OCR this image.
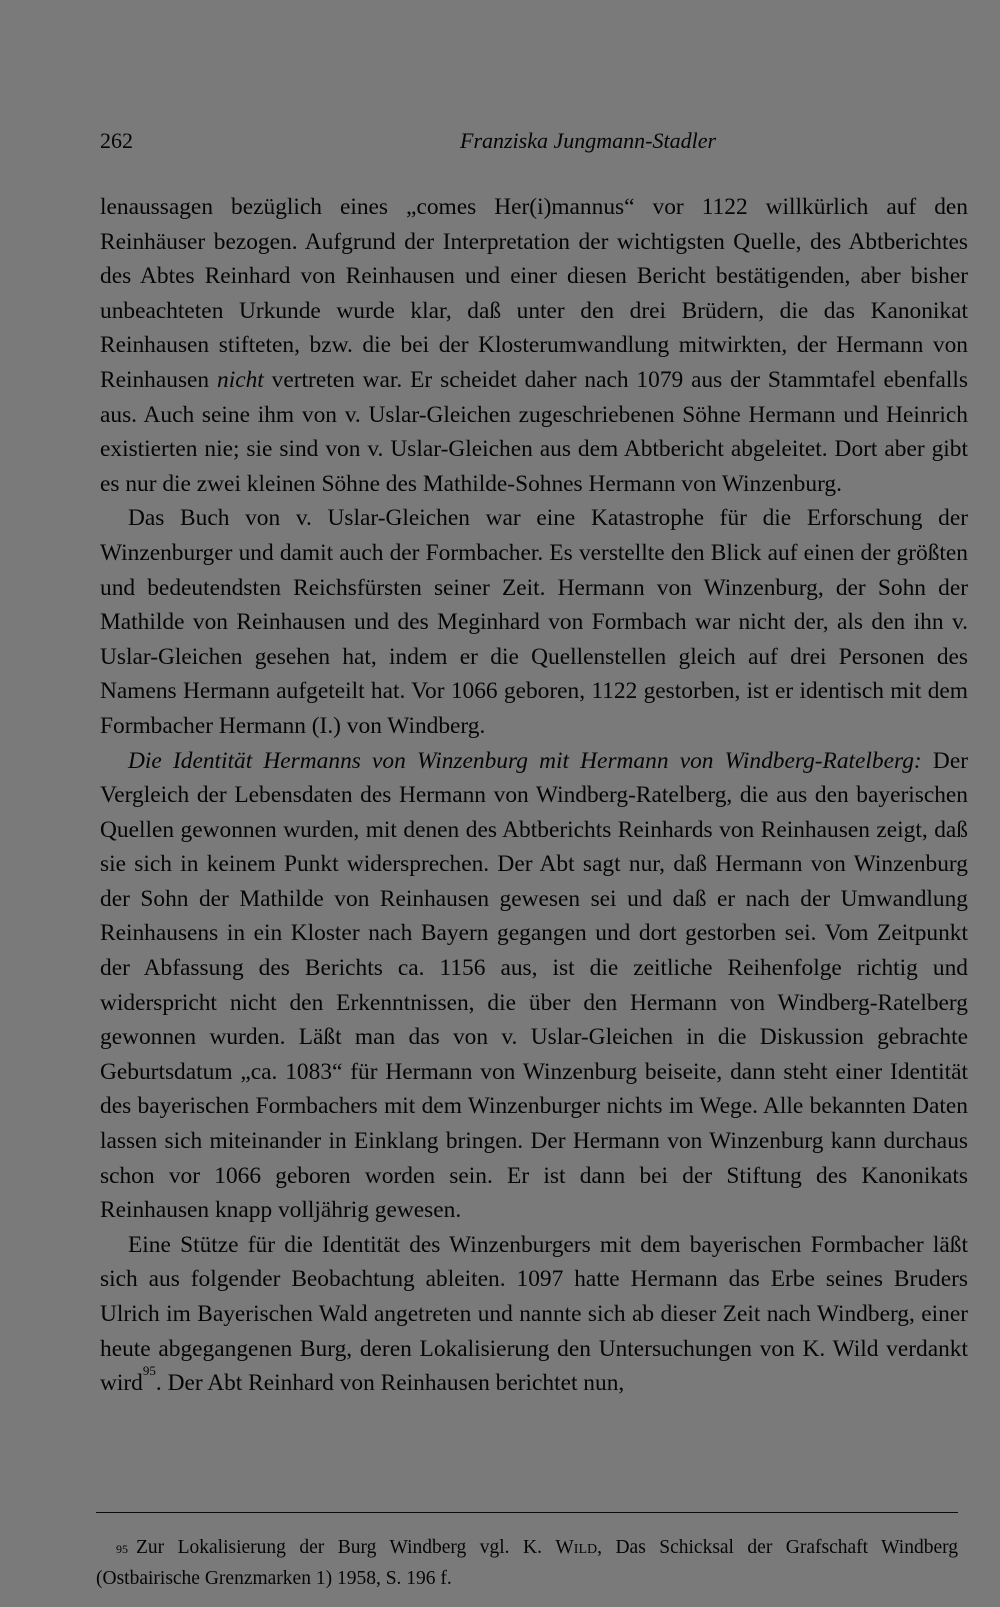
262	Franziska Jungmann-Stadler

lenaussagen bezüglich eines „comes Her(i)mannus“ vor 1122 willkürlich auf den Reinhäuser bezogen. Aufgrund der Interpretation der wichtigsten Quelle, des Abtberichtes des Abtes Reinhard von Reinhausen und einer diesen Bericht bestätigenden, aber bisher unbeachteten Urkunde wurde klar, daß unter den drei Brüdern, die das Kanonikat Reinhausen stifteten, bzw. die bei der Klosterumwandlung mitwirkten, der Hermann von Reinhausen nicht vertreten war. Er scheidet daher nach 1079 aus der Stammtafel ebenfalls aus. Auch seine ihm von v. Uslar-Gleichen zugeschriebenen Söhne Hermann und Heinrich existierten nie; sie sind von v. Uslar-Gleichen aus dem Abtbericht abgeleitet. Dort aber gibt es nur die zwei kleinen Söhne des Mathilde-Sohnes Hermann von Winzenburg.

Das Buch von v. Uslar-Gleichen war eine Katastrophe für die Erforschung der Winzenburger und damit auch der Formbacher. Es verstellte den Blick auf einen der größten und bedeutendsten Reichsfürsten seiner Zeit. Hermann von Winzenburg, der Sohn der Mathilde von Reinhausen und des Meginhard von Formbach war nicht der, als den ihn v. Uslar-Gleichen gesehen hat, indem er die Quellenstellen gleich auf drei Personen des Namens Hermann aufgeteilt hat. Vor 1066 geboren, 1122 gestorben, ist er identisch mit dem Formbacher Hermann (I.) von Windberg.

Die Identität Hermanns von Winzenburg mit Hermann von Windberg-Ratelberg: Der Vergleich der Lebensdaten des Hermann von Windberg-Ratelberg, die aus den bayerischen Quellen gewonnen wurden, mit denen des Abtberichts Reinhards von Reinhausen zeigt, daß sie sich in keinem Punkt widersprechen. Der Abt sagt nur, daß Hermann von Winzenburg der Sohn der Mathilde von Reinhausen gewesen sei und daß er nach der Umwandlung Reinhausens in ein Kloster nach Bayern gegangen und dort gestorben sei. Vom Zeitpunkt der Abfassung des Berichts ca. 1156 aus, ist die zeitliche Reihenfolge richtig und widerspricht nicht den Erkenntnissen, die über den Hermann von Windberg-Ratelberg gewonnen wurden. Läßt man das von v. Uslar-Gleichen in die Diskussion gebrachte Geburtsdatum „ca. 1083“ für Hermann von Winzenburg beiseite, dann steht einer Identität des bayerischen Formbachers mit dem Winzenburger nichts im Wege. Alle bekannten Daten lassen sich miteinander in Einklang bringen. Der Hermann von Winzenburg kann durchaus schon vor 1066 geboren worden sein. Er ist dann bei der Stiftung des Kanonikats Reinhausen knapp volljährig gewesen.

Eine Stütze für die Identität des Winzenburgers mit dem bayerischen Formbacher läßt sich aus folgender Beobachtung ableiten. 1097 hatte Hermann das Erbe seines Bruders Ulrich im Bayerischen Wald angetreten und nannte sich ab dieser Zeit nach Windberg, einer heute abgegangenen Burg, deren Lokalisierung den Untersuchungen von K. Wild verdankt wird$^{95}$. Der Abt Reinhard von Reinhausen berichtet nun,

$^{95}$ Zur Lokalisierung der Burg Windberg vgl. K. Wild, Das Schicksal der Grafschaft Windberg (Ostbairische Grenzmarken 1) 1958, S. 196 f.
